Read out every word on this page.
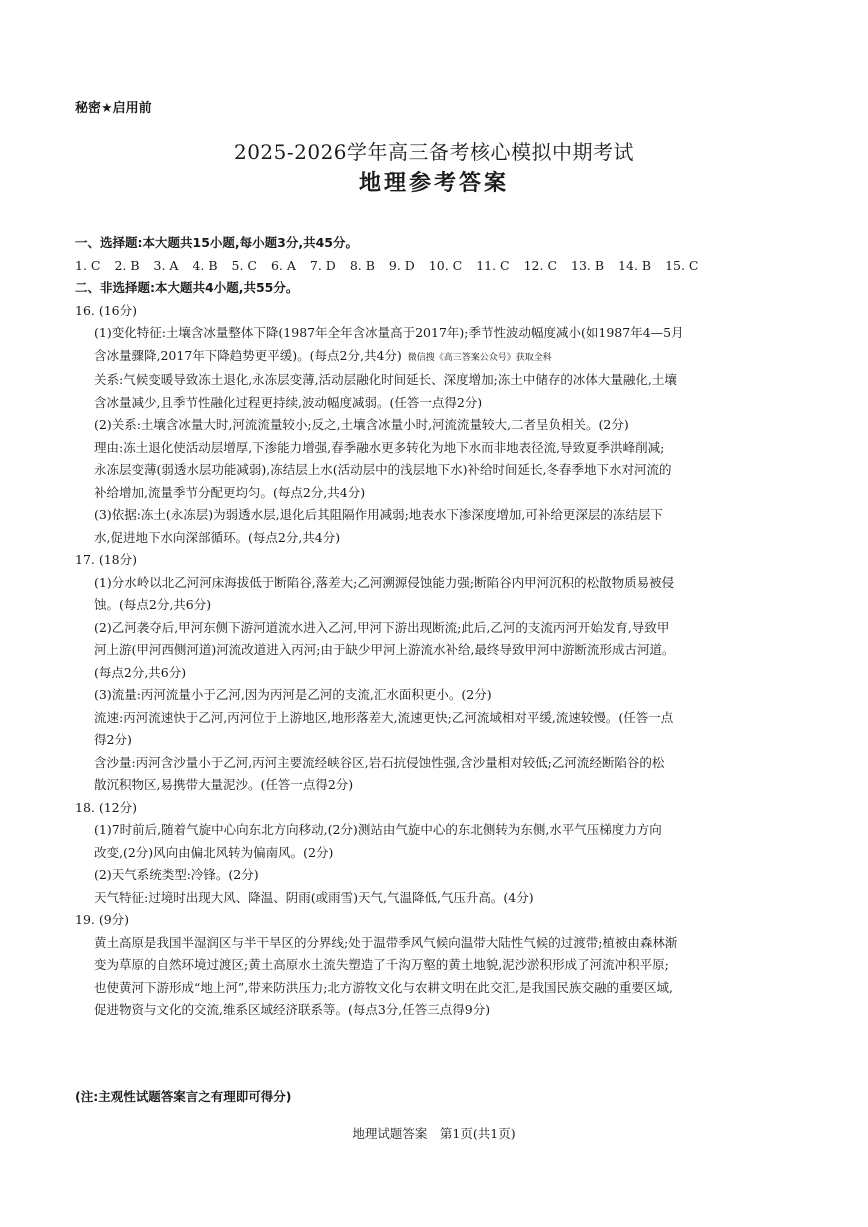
秘密★启用前
2025-2026学年高三备考核心模拟中期考试
地理参考答案
一、选择题:本大题共15小题,每小题3分,共45分。
1. C 2. B 3. A 4. B 5. C 6. A 7. D 8. B 9. D 10. C 11. C 12. C 13. B 14. B 15. C
二、非选择题:本大题共4小题,共55分。
16. (16分)
(1)变化特征:土壤含冰量整体下降(1987年全年含冰量高于2017年);季节性波动幅度减小(如1987年4—5月
含冰量骤降,2017年下降趋势更平缓)。(每点2分,共4分) 微信搜《高三答案公众号》获取全科
关系:气候变暖导致冻土退化,永冻层变薄,活动层融化时间延长、深度增加;冻土中储存的冰体大量融化,土壤
含冰量减少,且季节性融化过程更持续,波动幅度减弱。(任答一点得2分)
(2)关系:土壤含冰量大时,河流流量较小;反之,土壤含冰量小时,河流流量较大,二者呈负相关。(2分)
理由:冻土退化使活动层增厚,下渗能力增强,春季融水更多转化为地下水而非地表径流,导致夏季洪峰削减;
永冻层变薄(弱透水层功能减弱),冻结层上水(活动层中的浅层地下水)补给时间延长,冬春季地下水对河流的
补给增加,流量季节分配更均匀。(每点2分,共4分)
(3)依据:冻土(永冻层)为弱透水层,退化后其阻隔作用减弱;地表水下渗深度增加,可补给更深层的冻结层下
水,促进地下水向深部循环。(每点2分,共4分)
17. (18分)
(1)分水岭以北乙河河床海拔低于断陷谷,落差大;乙河溯源侵蚀能力强;断陷谷内甲河沉积的松散物质易被侵
蚀。(每点2分,共6分)
(2)乙河袭夺后,甲河东侧下游河道流水进入乙河,甲河下游出现断流;此后,乙河的支流丙河开始发育,导致甲
河上游(甲河西侧河道)河流改道进入丙河;由于缺少甲河上游流水补给,最终导致甲河中游断流形成古河道。
(每点2分,共6分)
(3)流量:丙河流量小于乙河,因为丙河是乙河的支流,汇水面积更小。(2分)
流速:丙河流速快于乙河,丙河位于上游地区,地形落差大,流速更快;乙河流域相对平缓,流速较慢。(任答一点
得2分)
含沙量:丙河含沙量小于乙河,丙河主要流经峡谷区,岩石抗侵蚀性强,含沙量相对较低;乙河流经断陷谷的松
散沉积物区,易携带大量泥沙。(任答一点得2分)
18. (12分)
(1)7时前后,随着气旋中心向东北方向移动,(2分)测站由气旋中心的东北侧转为东侧,水平气压梯度力方向
改变,(2分)风向由偏北风转为偏南风。(2分)
(2)天气系统类型:冷锋。(2分)
天气特征:过境时出现大风、降温、阴雨(或雨雪)天气,气温降低,气压升高。(4分)
19. (9分)
黄土高原是我国半湿润区与半干旱区的分界线;处于温带季风气候向温带大陆性气候的过渡带;植被由森林渐
变为草原的自然环境过渡区;黄土高原水土流失塑造了千沟万壑的黄土地貌,泥沙淤积形成了河流冲积平原;
也使黄河下游形成“地上河”,带来防洪压力;北方游牧文化与农耕文明在此交汇,是我国民族交融的重要区域,
促进物资与文化的交流,维系区域经济联系等。(每点3分,任答三点得9分)
(注:主观性试题答案言之有理即可得分)
地理试题答案　第1页(共1页)
